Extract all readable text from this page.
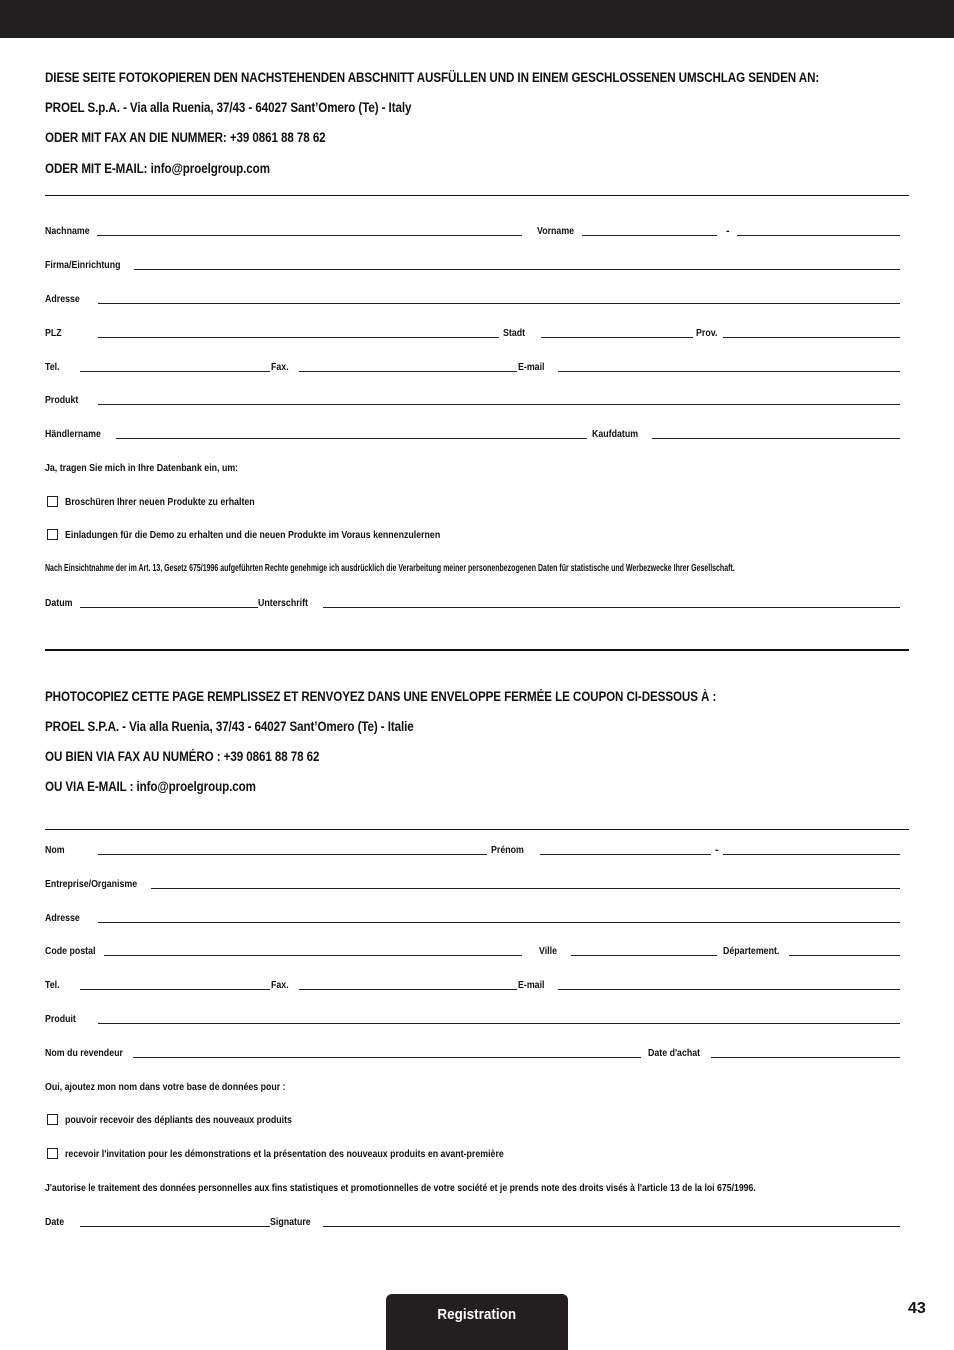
DIESE SEITE FOTOKOPIEREN DEN NACHSTEHENDEN ABSCHNITT AUSFÜLLEN UND IN EINEM GESCHLOSSENEN UMSCHLAG SENDEN AN:
PROEL S.p.A. - Via alla Ruenia, 37/43 - 64027 Sant’Omero (Te) - Italy
ODER MIT FAX AN DIE NUMMER: +39 0861 88 78 62
ODER MIT E-MAIL: info@proelgroup.com
Nachname	Vorname	-
Firma/Einrichtung
Adresse
PLZ	Stadt	Prov.
Tel.	Fax.	E-mail
Produkt
Händlername	Kaufdatum
Ja, tragen Sie mich in Ihre Datenbank ein, um:
Broschüren Ihrer neuen Produkte zu erhalten
Einladungen für die Demo zu erhalten und die neuen Produkte im Voraus kennenzulernen
Nach Einsichtnahme der im Art. 13, Gesetz 675/1996 aufgeführten Rechte genehmige ich ausdrücklich die Verarbeitung meiner personenbezogenen Daten für statistische und Werbezwecke Ihrer Gesellschaft.
Datum	Unterschrift
PHOTOCOPIEZ CETTE PAGE REMPLISSEZ ET RENVOYEZ DANS UNE ENVELOPPE FERMÉE LE COUPON CI-DESSOUS À :
PROEL S.P.A. - Via alla Ruenia, 37/43 - 64027 Sant’Omero (Te) - Italie
OU BIEN VIA FAX AU NUMÉRO : +39 0861 88 78 62
OU VIA E-MAIL : info@proelgroup.com
Nom	Prénom	-
Entreprise/Organisme
Adresse
Code postal	Ville	Département.
Tel.	Fax.	E-mail
Produit
Nom du revendeur	Date d'achat
Oui, ajoutez mon nom dans votre base de données pour :
pouvoir recevoir des dépliants des nouveaux produits
recevoir l'invitation pour les démonstrations et la présentation des nouveaux produits en avant-première
J'autorise le traitement des données personnelles aux fins statistiques et promotionnelles de votre société et je prends note des droits visés à l'article 13 de la loi 675/1996.
Date	Signature
Registration	43
